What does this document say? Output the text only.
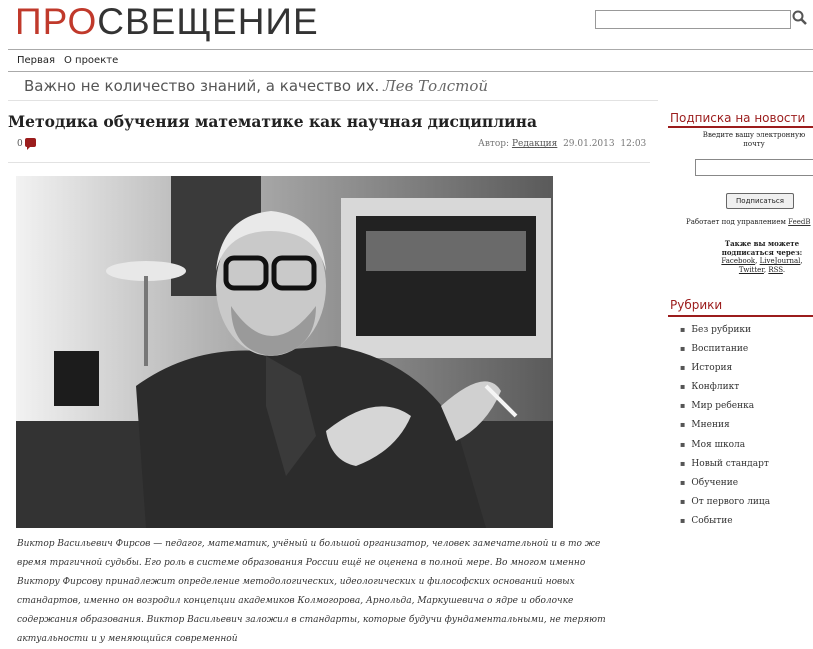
ПРОСВЕЩЕНИЕ
Первая О проекте
Важно не количество знаний, а качество их. Лев Толстой
Методика обучения математике как научная дисциплина
0	Автор: Редакция 29.01.2013 12:03
Виктор Васильевич Фирсов — педагог, математик, учёный и большой организатор, человек замечательной и в то же время трагичной судьбы. Его роль в системе образования России ещё не оценена в полной мере. Во многом именно Виктору Фирсову принадлежит определение методологических, идеологических и философских оснований новых стандартов, именно он возродил концепции академиков Колмогорова, Арнольда, Маркушевича о ядре и оболочке содержания образования. Виктор Васильевич заложил в стандарты, которые будучи фундаментальными, не теряют актуальности и у меняющийся современной
Подписка на новости
Введите вашу электронную почту
Подписаться
Работает под управлением FeedB
Также вы можете подписаться через:
Facebook, LiveJournal,
Twitter, RSS.
Рубрики
▪ Без рубрики
▪ Воспитание
▪ История
▪ Конфликт
▪ Мир ребенка
▪ Мнения
▪ Моя школа
▪ Новый стандарт
▪ Обучение
▪ От первого лица
▪ Событие
